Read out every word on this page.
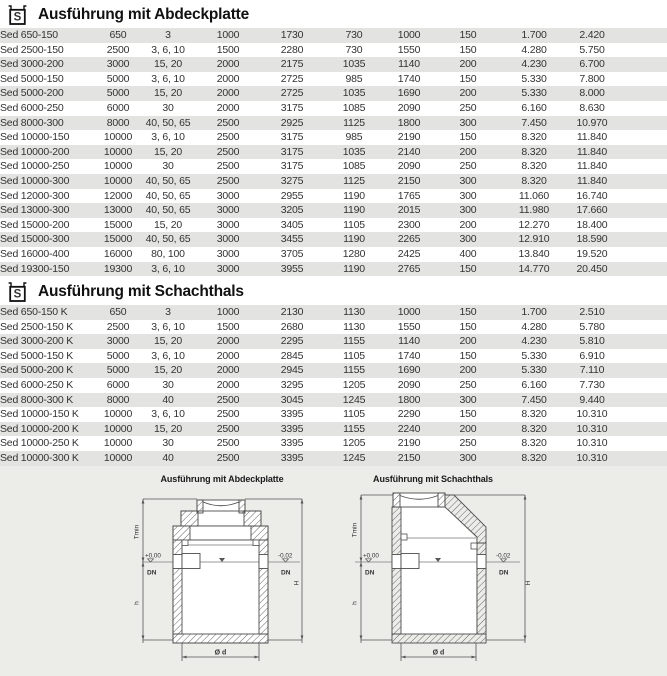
S Ausführung mit Abdeckplatte
Sed 650-150	650	3	1000	1730	730	1000	150	1.700	2.420	
Sed 2500-150	2500	3, 6, 10	1500	2280	730	1550	150	4.280	5.750	
Sed 3000-200	3000	15, 20	2000	2175	1035	1140	200	4.230	6.700	
Sed 5000-150	5000	3, 6, 10	2000	2725	985	1740	150	5.330	7.800	
Sed 5000-200	5000	15, 20	2000	2725	1035	1690	200	5.330	8.000	
Sed 6000-250	6000	30	2000	3175	1085	2090	250	6.160	8.630	
Sed 8000-300	8000	40, 50, 65	2500	2925	1125	1800	300	7.450	10.970	
Sed 10000-150	10000	3, 6, 10	2500	3175	985	2190	150	8.320	11.840	
Sed 10000-200	10000	15, 20	2500	3175	1035	2140	200	8.320	11.840	
Sed 10000-250	10000	30	2500	3175	1085	2090	250	8.320	11.840	
Sed 10000-300	10000	40, 50, 65	2500	3275	1125	2150	300	8.320	11.840	
Sed 12000-300	12000	40, 50, 65	3000	2955	1190	1765	300	11.060	16.740	
Sed 13000-300	13000	40, 50, 65	3000	3205	1190	2015	300	11.980	17.660	
Sed 15000-200	15000	15, 20	3000	3405	1105	2300	200	12.270	18.400	
Sed 15000-300	15000	40, 50, 65	3000	3455	1190	2265	300	12.910	18.590	
Sed 16000-400	16000	80, 100	3000	3705	1280	2425	400	13.840	19.520	
Sed 19300-150	19300	3, 6, 10	3000	3955	1190	2765	150	14.770	20.450	
S Ausführung mit Schachthals
Sed 650-150 K	650	3	1000	2130	1130	1000	150	1.700	2.510	
Sed 2500-150 K	2500	3, 6, 10	1500	2680	1130	1550	150	4.280	5.780	
Sed 3000-200 K	3000	15, 20	2000	2295	1155	1140	200	4.230	5.810	
Sed 5000-150 K	5000	3, 6, 10	2000	2845	1105	1740	150	5.330	6.910	
Sed 5000-200 K	5000	15, 20	2000	2945	1155	1690	200	5.330	7.110	
Sed 6000-250 K	6000	30	2000	3295	1205	2090	250	6.160	7.730	
Sed 8000-300 K	8000	40	2500	3045	1245	1800	300	7.450	9.440	
Sed 10000-150 K	10000	3, 6, 10	2500	3395	1105	2290	150	8.320	10.310	
Sed 10000-200 K	10000	15, 20	2500	3395	1155	2240	200	8.320	10.310	
Sed 10000-250 K	10000	30	2500	3395	1205	2190	250	8.320	10.310	
Sed 10000-300 K	10000	40	2500	3395	1245	2150	300	8.320	10.310	
Ausführung mit Abdeckplatte	Ausführung mit Schachthals
Tmin
h
H
Ø d
+0.00
DN
-0.02
DN
Tmin
h
H
Ø d
+0.00
DN
-0.02
DN
